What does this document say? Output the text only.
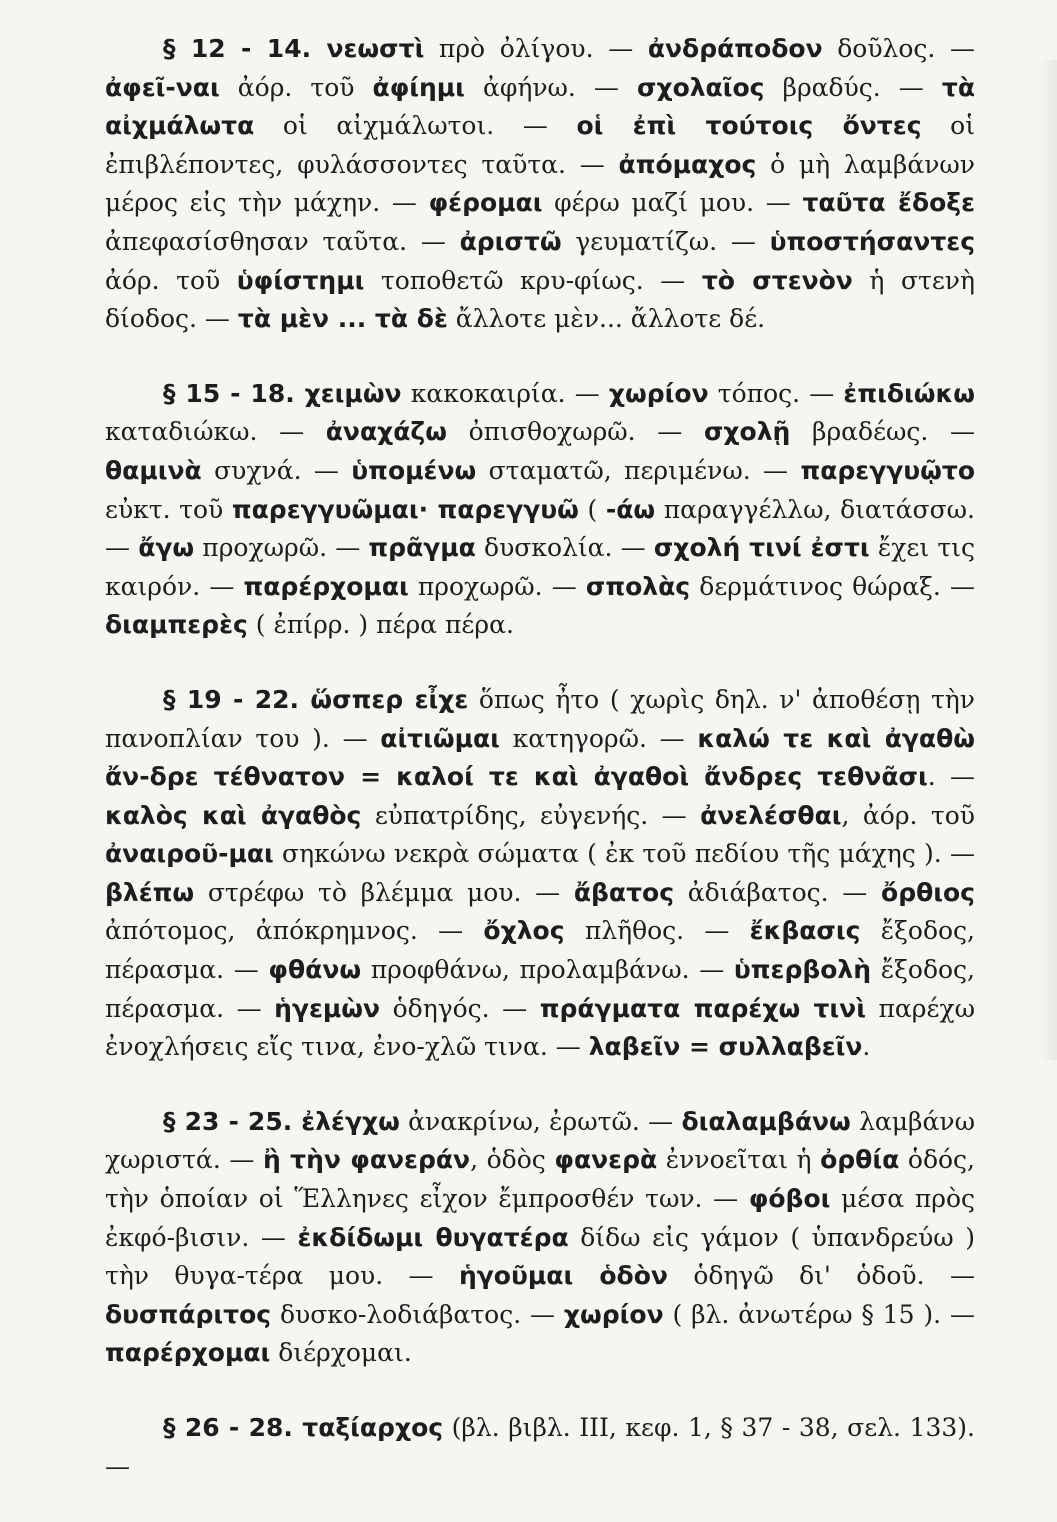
§ 12 - 14. νεωστὶ πρὸ ὀλίγου. — ἀνδράποδον δοῦλος. — ἀφεῖ-ναι ἀόρ. τοῦ ἀφίημι ἀφήνω. — σχολαῖος βραδύς. — τὰ αἰχμάλωτα οἱ αἰχμάλωτοι. — οἱ ἐπὶ τούτοις ὄντες οἱ ἐπιβλέποντες, φυλάσσοντες ταῦτα. — ἀπόμαχος ὁ μὴ λαμβάνων μέρος εἰς τὴν μάχην. — φέρομαι φέρω μαζί μου. — ταῦτα ἔδοξε ἀπεφασίσθησαν ταῦτα. — ἀριστῶ γευματίζω. — ὑποστήσαντες ἀόρ. τοῦ ὑφίστημι τοποθετῶ κρυ-φίως. — τὸ στενὸν ἡ στενὴ δίοδος. — τὰ μὲν ... τὰ δὲ ἄλλοτε μὲν... ἄλλοτε δέ.

§ 15 - 18. χειμὼν κακοκαιρία. — χωρίον τόπος. — ἐπιδιώκω καταδιώκω. — ἀναχάζω ὀπισθοχωρῶ. — σχολῇ βραδέως. — θαμινὰ συχνά. — ὑπομένω σταματῶ, περιμένω. — παρεγγυῷτο εὐκτ. τοῦ παρεγγυῶμαι· παρεγγυῶ ( -άω παραγγέλλω, διατάσσω. — ἄγω προχωρῶ. — πρᾶγμα δυσκολία. — σχολή τινί ἐστι ἔχει τις καιρόν. — παρέρχομαι προχωρῶ. — σπολὰς δερμάτινος θώραξ. — διαμπερὲς ( ἐπίρρ. ) πέρα πέρα.

§ 19 - 22. ὥσπερ εἶχε ὅπως ἦτο ( χωρὶς δηλ. ν' ἀποθέσῃ τὴν πανοπλίαν του ). — αἰτιῶμαι κατηγορῶ. — καλώ τε καὶ ἀγαθὼ ἄν-δρε τέθνατον = καλοί τε καὶ ἀγαθοὶ ἄνδρες τεθνᾶσι. — καλὸς καὶ ἀγαθὸς εὐπατρίδης, εὐγενής. — ἀνελέσθαι, ἀόρ. τοῦ ἀναιροῦ-μαι σηκώνω νεκρὰ σώματα ( ἐκ τοῦ πεδίου τῆς μάχης ). — βλέπω στρέφω τὸ βλέμμα μου. — ἄβατος ἀδιάβατος. — ὄρθιος ἀπότομος, ἀπόκρημνος. — ὄχλος πλῆθος. — ἔκβασις ἔξοδος, πέρασμα. — φθάνω προφθάνω, προλαμβάνω. — ὑπερβολὴ ἔξοδος, πέρασμα. — ἡγεμὼν ὁδηγός. — πράγματα παρέχω τινὶ παρέχω ἐνοχλήσεις εἴς τινα, ἐνο-χλῶ τινα. — λαβεῖν = συλλαβεῖν.

§ 23 - 25. ἐλέγχω ἀνακρίνω, ἐρωτῶ. — διαλαμβάνω λαμβάνω χωριστά. — ἢ τὴν φανεράν, ὁδὸς φανερὰ ἐννοεῖται ἡ ὀρθία ὁδός, τὴν ὁποίαν οἱ Ἕλληνες εἶχον ἔμπροσθέν των. — φόβοι μέσα πρὸς ἐκφό-βισιν. — ἐκδίδωμι θυγατέρα δίδω εἰς γάμον ( ὑπανδρεύω ) τὴν θυγα-τέρα μου. — ἡγοῦμαι ὁδὸν ὁδηγῶ δι' ὁδοῦ. — δυσπάριτος δυσκο-λοδιάβατος. — χωρίον ( βλ. ἀνωτέρω § 15 ). — παρέρχομαι διέρχομαι.

§ 26 - 28. ταξίαρχος (βλ. βιβλ. III, κεφ. 1, § 37 - 38, σελ. 133).—
